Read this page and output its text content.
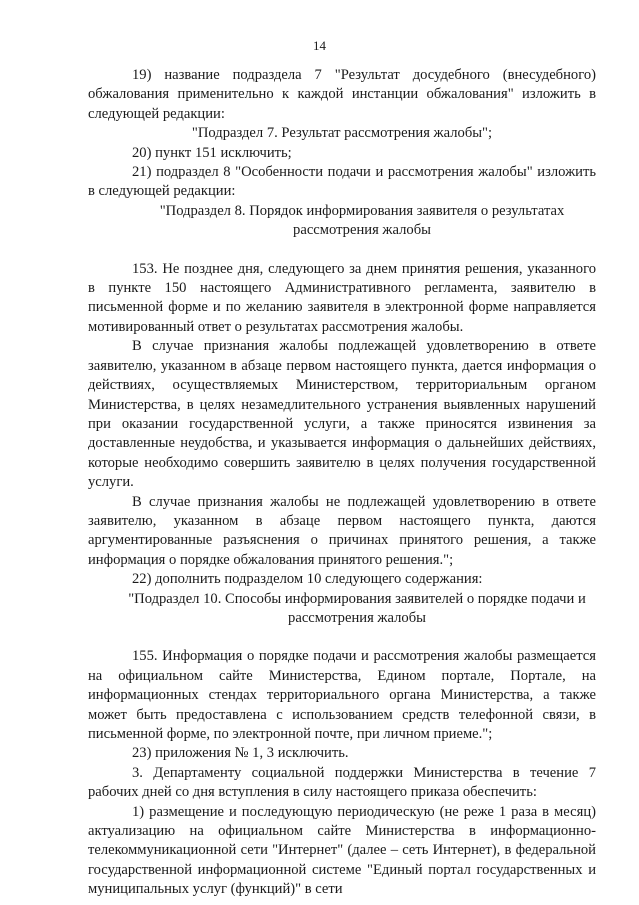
14

19) название подраздела 7 "Результат досудебного (внесудебного) обжалования применительно к каждой инстанции обжалования" изложить в следующей редакции:

"Подраздел 7. Результат рассмотрения жалобы";

20) пункт 151 исключить;

21) подраздел 8 "Особенности подачи и рассмотрения жалобы" изложить в следующей редакции:

"Подраздел 8. Порядок информирования заявителя о результатах рассмотрения жалобы

153. Не позднее дня, следующего за днем принятия решения, указанного в пункте 150 настоящего Административного регламента, заявителю в письменной форме и по желанию заявителя в электронной форме направляется мотивированный ответ о результатах рассмотрения жалобы.

В случае признания жалобы подлежащей удовлетворению в ответе заявителю, указанном в абзаце первом настоящего пункта, дается информация о действиях, осуществляемых Министерством, территориальным органом Министерства, в целях незамедлительного устранения выявленных нарушений при оказании государственной услуги, а также приносятся извинения за доставленные неудобства, и указывается информация о дальнейших действиях, которые необходимо совершить заявителю в целях получения государственной услуги.

В случае признания жалобы не подлежащей удовлетворению в ответе заявителю, указанном в абзаце первом настоящего пункта, даются аргументированные разъяснения о причинах принятого решения, а также информация о порядке обжалования принятого решения.";

22) дополнить подразделом 10 следующего содержания:

"Подраздел 10. Способы информирования заявителей о порядке подачи и рассмотрения жалобы

155. Информация о порядке подачи и рассмотрения жалобы размещается на официальном сайте Министерства, Едином портале, Портале, на информационных стендах территориального органа Министерства, а также может быть предоставлена с использованием средств телефонной связи, в письменной форме, по электронной почте, при личном приеме.";

23) приложения № 1, 3 исключить.

3. Департаменту социальной поддержки Министерства в течение 7 рабочих дней со дня вступления в силу настоящего приказа обеспечить:

1) размещение и последующую периодическую (не реже 1 раза в месяц) актуализацию на официальном сайте Министерства в информационно-телекоммуникационной сети "Интернет" (далее – сеть Интернет), в федеральной государственной информационной системе "Единый портал государственных и муниципальных услуг (функций)" в сети
